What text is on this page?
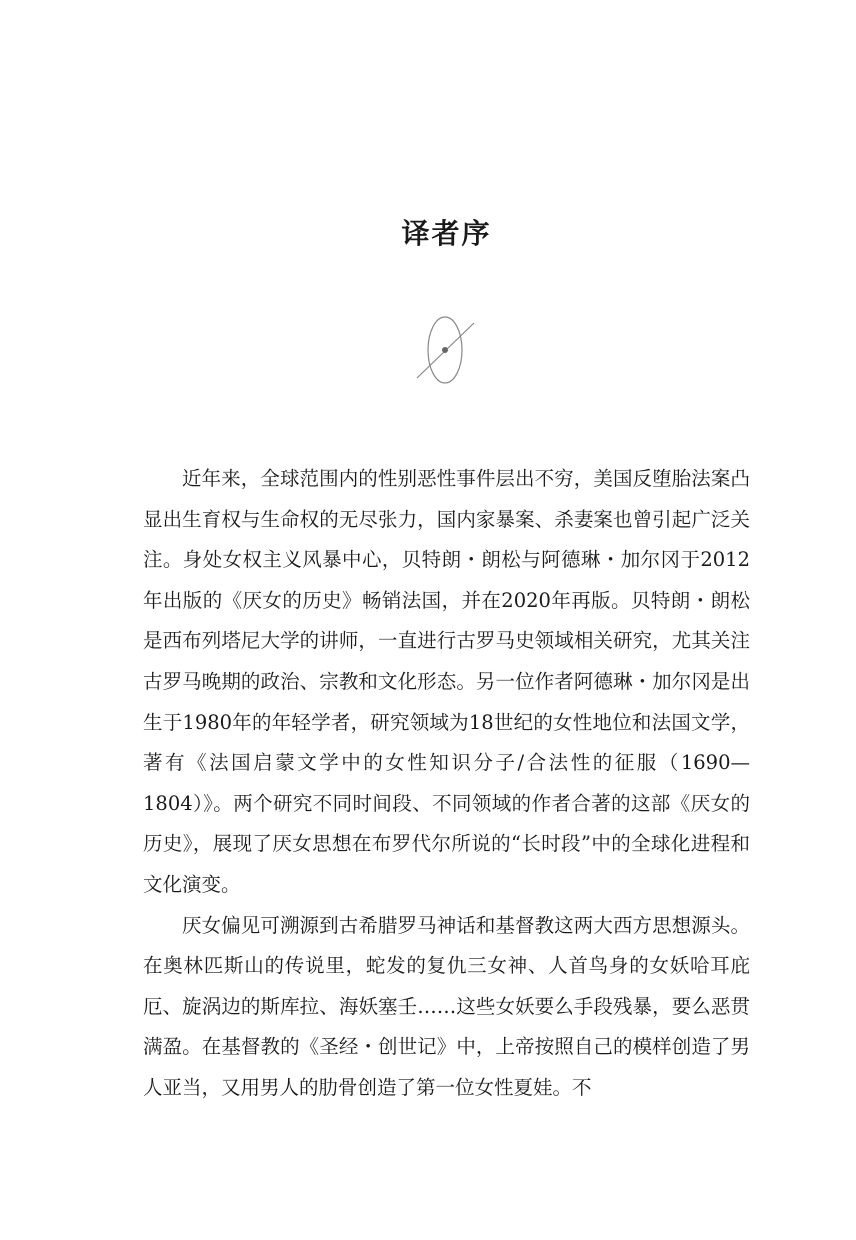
译者序

近年来，全球范围内的性别恶性事件层出不穷，美国反堕胎法案凸显出生育权与生命权的无尽张力，国内家暴案、杀妻案也曾引起广泛关注。身处女权主义风暴中心，贝特朗・朗松与阿德琳・加尔冈于2012年出版的《厌女的历史》畅销法国，并在2020年再版。贝特朗・朗松是西布列塔尼大学的讲师，一直进行古罗马史领域相关研究，尤其关注古罗马晚期的政治、宗教和文化形态。另一位作者阿德琳・加尔冈是出生于1980年的年轻学者，研究领域为18世纪的女性地位和法国文学，著有《法国启蒙文学中的女性知识分子/合法性的征服（1690—1804）》。两个研究不同时间段、不同领域的作者合著的这部《厌女的历史》，展现了厌女思想在布罗代尔所说的“长时段”中的全球化进程和文化演变。

厌女偏见可溯源到古希腊罗马神话和基督教这两大西方思想源头。在奥林匹斯山的传说里，蛇发的复仇三女神、人首鸟身的女妖哈耳庇厄、旋涡边的斯库拉、海妖塞壬……这些女妖要么手段残暴，要么恶贯满盈。在基督教的《圣经・创世记》中，上帝按照自己的模样创造了男人亚当，又用男人的肋骨创造了第一位女性夏娃。不
